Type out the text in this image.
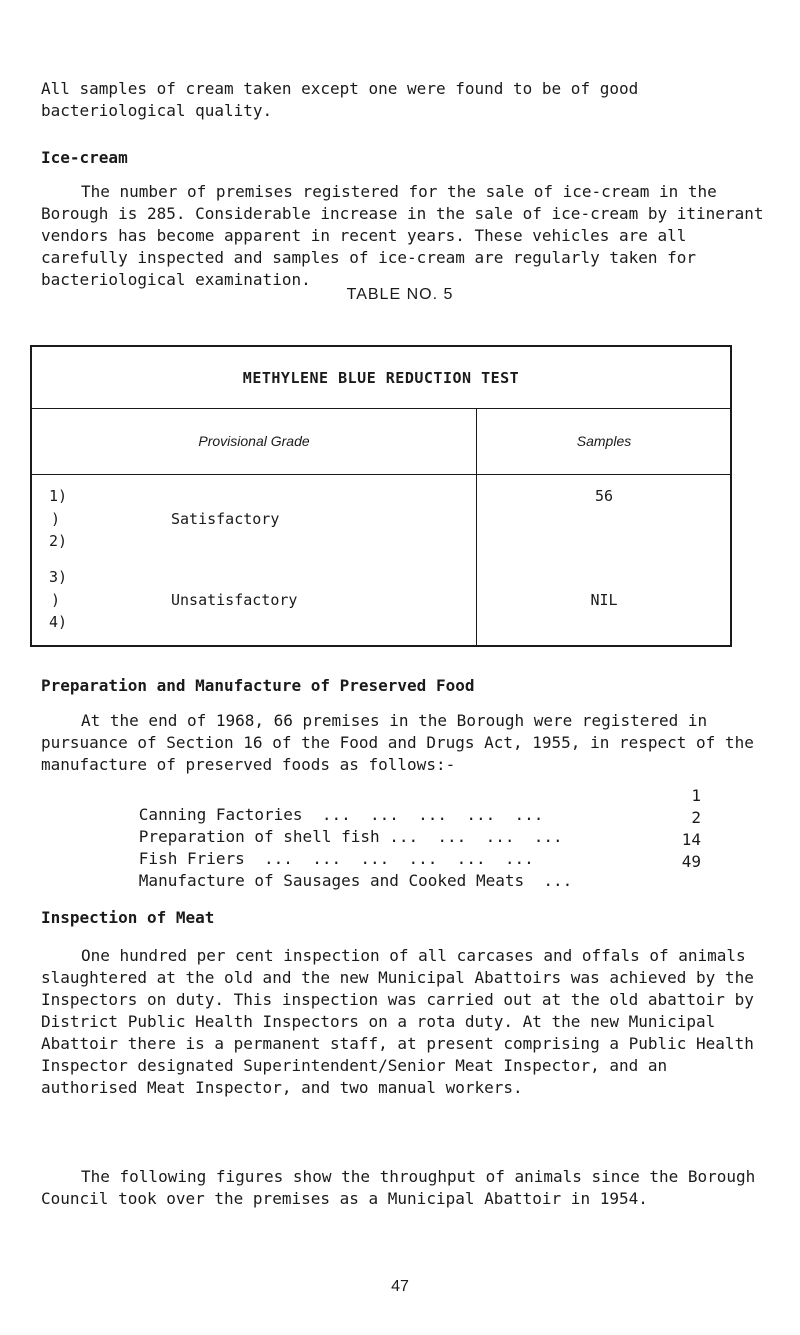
All samples of cream taken except one were found to be of good bacteriological quality.

Ice-cream

The number of premises registered for the sale of ice-cream in the Borough is 285. Considerable increase in the sale of ice-cream by itinerant vendors has become apparent in recent years. These vehicles are all carefully inspected and samples of ice-cream are regularly taken for bacteriological examination.

TABLE NO. 5
METHYLENE BLUE REDUCTION TEST
Provisional Grade	Samples
1)
)
2)
Satisfactory
56
3)
)
4)
Unsatisfactory	NIL
Preparation and Manufacture of Preserved Food

At the end of 1968, 66 premises in the Borough were registered in pursuance of Section 16 of the Food and Drugs Act, 1955, in respect of the manufacture of preserved foods as follows:-

Canning Factories  ...  ...  ...  ...  ...

1

Preparation of shell fish ...  ...  ...  ...

2

Fish Friers  ...  ...  ...  ...  ...  ...

14

Manufacture of Sausages and Cooked Meats  ...

49

Inspection of Meat

One hundred per cent inspection of all carcases and offals of animals slaughtered at the old and the new Municipal Abattoirs was achieved by the Inspectors on duty. This inspection was carried out at the old abattoir by District Public Health Inspectors on a rota duty. At the new Municipal Abattoir there is a permanent staff, at present comprising a Public Health Inspector designated Superintendent/Senior Meat Inspector, and an authorised Meat Inspector, and two manual workers.

The following figures show the throughput of animals since the Borough Council took over the premises as a Municipal Abattoir in 1954.

47
